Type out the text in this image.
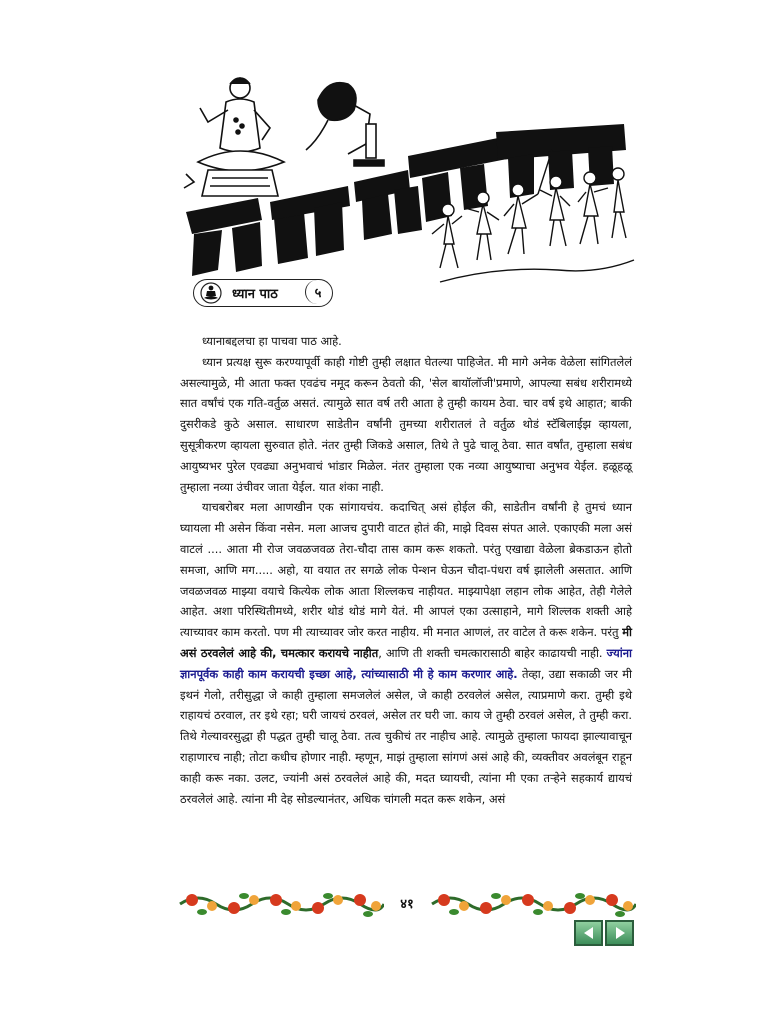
ध्यान पाठ	५

ध्यानाबद्दलचा हा पाचवा पाठ आहे.

ध्यान प्रत्यक्ष सुरू करण्यापूर्वी काही गोष्टी तुम्ही लक्षात घेतल्या पाहिजेत. मी मागे अनेक वेळेला सांगितलेलं असल्यामुळे, मी आता फक्त एवढंच नमूद करून ठेवतो की, 'सेल बायॉलॉजी'प्रमाणे, आपल्या सबंध शरीरामध्ये सात वर्षांचं एक गति-वर्तुळ असतं. त्यामुळे सात वर्ष तरी आता हे तुम्ही कायम ठेवा. चार वर्ष इथे आहात; बाकी दुसरीकडे कुठे असाल. साधारण साडेतीन वर्षांनी तुमच्या शरीरातलं ते वर्तुळ थोडं स्टॅबिलाईझ व्हायला, सुसूत्रीकरण व्हायला सुरुवात होते. नंतर तुम्ही जिकडे असाल, तिथे ते पुढे चालू ठेवा. सात वर्षांत, तुम्हाला सबंध आयुष्यभर पुरेल एवढ्या अनुभवाचं भांडार मिळेल. नंतर तुम्हाला एक नव्या आयुष्याचा अनुभव येईल. हळूहळू तुम्हाला नव्या उंचीवर जाता येईल. यात शंका नाही.

याचबरोबर मला आणखीन एक सांगायचंय. कदाचित् असं होईल की, साडेतीन वर्षांनी हे तुमचं ध्यान घ्यायला मी असेन किंवा नसेन. मला आजच दुपारी वाटत होतं की, माझे दिवस संपत आले. एकाएकी मला असं वाटलं .... आता मी रोज जवळजवळ तेरा-चौदा तास काम करू शकतो. परंतु एखाद्या वेळेला ब्रेकडाऊन होतो समजा, आणि मग..... अहो, या वयात तर सगळे लोक पेन्शन घेऊन चौदा-पंधरा वर्ष झालेली असतात. आणि जवळजवळ माझ्या वयाचे कित्येक लोक आता शिल्लकच नाहीयत. माझ्यापेक्षा लहान लोक आहेत, तेही गेलेले आहेत. अशा परिस्थितीमध्ये, शरीर थोडं थोडं मागे येतं. मी आपलं एका उत्साहाने, मागे शिल्लक शक्ती आहे त्याच्यावर काम करतो. पण मी त्याच्यावर जोर करत नाहीय. मी मनात आणलं, तर वाटेल ते करू शकेन. परंतु मी असं ठरवलेलं आहे की, चमत्कार करायचे नाहीत, आणि ती शक्ती चमत्कारासाठी बाहेर काढायची नाही. ज्यांना ज्ञानपूर्वक काही काम करायची इच्छा आहे, त्यांच्यासाठी मी हे काम करणार आहे. तेव्हा, उद्या सकाळी जर मी इथनं गेलो, तरीसुद्धा जे काही तुम्हाला समजलेलं असेल, जे काही ठरवलेलं असेल, त्याप्रमाणे करा. तुम्ही इथे राहायचं ठरवाल, तर इथे रहा; घरी जायचं ठरवलं, असेल तर घरी जा. काय जे तुम्ही ठरवलं असेल, ते तुम्ही करा. तिथे गेल्यावरसुद्धा ही पद्धत तुम्ही चालू ठेवा. तत्व चुकीचं तर नाहीच आहे. त्यामुळे तुम्हाला फायदा झाल्यावाचून राहाणारच नाही; तोटा कधीच होणार नाही. म्हणून, माझं तुम्हाला सांगणं असं आहे की, व्यक्तीवर अवलंबून राहून काही करू नका. उलट, ज्यांनी असं ठरवलेलं आहे की, मदत घ्यायची, त्यांना मी एका तऱ्हेने सहकार्य द्यायचं ठरवलेलं आहे. त्यांना मी देह सोडल्यानंतर, अधिक चांगली मदत करू शकेन, असं

४१
